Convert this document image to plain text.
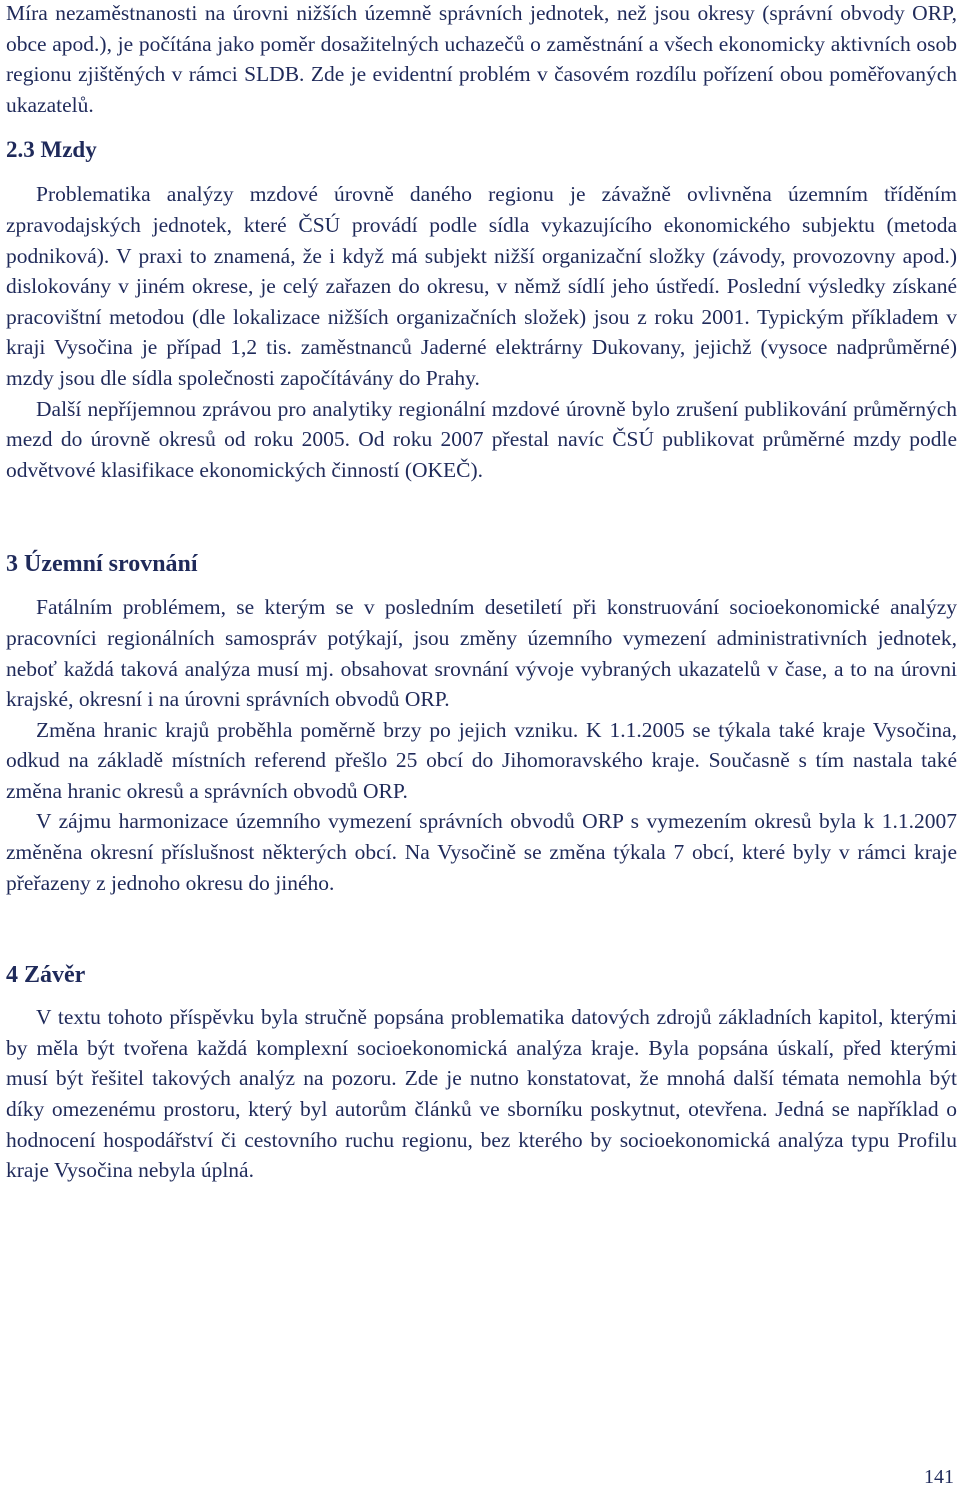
Míra nezaměstnanosti na úrovni nižších územně správních jednotek, než jsou okresy (správní obvody ORP, obce apod.), je počítána jako poměr dosažitelných uchazečů o zaměstnání a všech ekonomicky aktivních osob regionu zjištěných v rámci SLDB. Zde je evidentní problém v časovém rozdílu pořízení obou poměřovaných ukazatelů.

2.3 Mzdy

Problematika analýzy mzdové úrovně daného regionu je závažně ovlivněna územním tříděním zpravodajských jednotek, které ČSÚ provádí podle sídla vykazujícího ekonomického subjektu (metoda podniková). V praxi to znamená, že i když má subjekt nižší organizační složky (závody, provozovny apod.) dislokovány v jiném okrese, je celý zařazen do okresu, v němž sídlí jeho ústředí. Poslední výsledky získané pracovištní metodou (dle lokalizace nižších organizačních složek) jsou z roku 2001. Typickým příkladem v kraji Vysočina je případ 1,2 tis. zaměstnanců Jaderné elektrárny Dukovany, jejichž (vysoce nadprůměrné) mzdy jsou dle sídla společnosti započítávány do Prahy.

Další nepříjemnou zprávou pro analytiky regionální mzdové úrovně bylo zrušení publikování průměrných mezd do úrovně okresů od roku 2005. Od roku 2007 přestal navíc ČSÚ publikovat průměrné mzdy podle odvětvové klasifikace ekonomických činností (OKEČ).

3 Územní srovnání

Fatálním problémem, se kterým se v posledním desetiletí při konstruování socioekonomické analýzy pracovníci regionálních samospráv potýkají, jsou změny územního vymezení administrativních jednotek, neboť každá taková analýza musí mj. obsahovat srovnání vývoje vybraných ukazatelů v čase, a to na úrovni krajské, okresní i na úrovni správních obvodů ORP.

Změna hranic krajů proběhla poměrně brzy po jejich vzniku. K 1.1.2005 se týkala také kraje Vysočina, odkud na základě místních referend přešlo 25 obcí do Jihomoravského kraje. Současně s tím nastala také změna hranic okresů a správních obvodů ORP.

V zájmu harmonizace územního vymezení správních obvodů ORP s vymezením okresů byla k 1.1.2007 změněna okresní příslušnost některých obcí. Na Vysočině se změna týkala 7 obcí, které byly v rámci kraje přeřazeny z jednoho okresu do jiného.

4 Závěr

V textu tohoto příspěvku byla stručně popsána problematika datových zdrojů základních kapitol, kterými by měla být tvořena každá komplexní socioekonomická analýza kraje. Byla popsána úskalí, před kterými musí být řešitel takových analýz na pozoru. Zde je nutno konstatovat, že mnohá další témata nemohla být díky omezenému prostoru, který byl autorům článků ve sborníku poskytnut, otevřena. Jedná se například o hodnocení hospodářství či cestovního ruchu regionu, bez kterého by socioekonomická analýza typu Profilu kraje Vysočina nebyla úplná.

141
